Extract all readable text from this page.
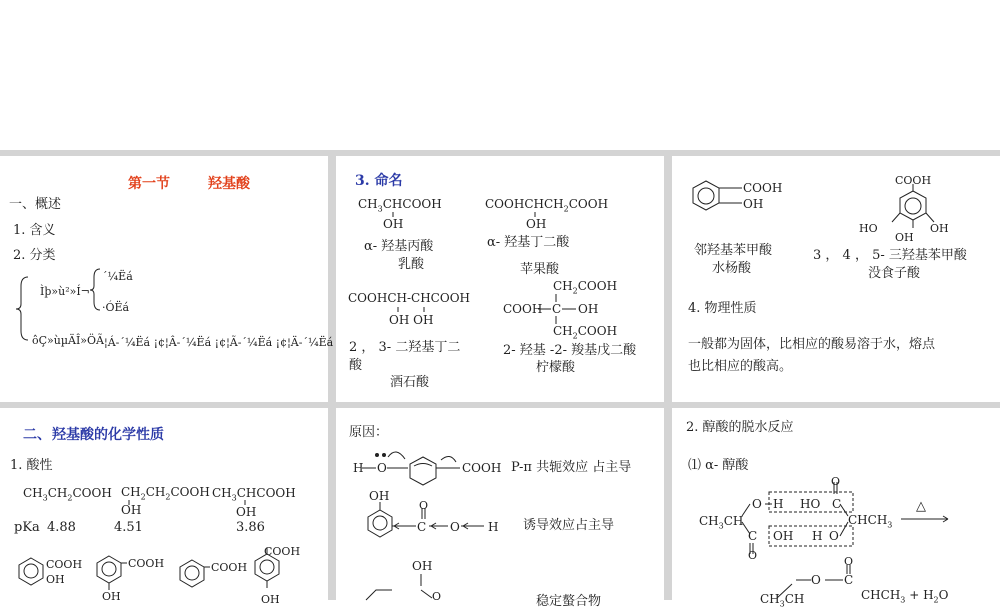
第一节	羟基酸
一、概述
1. 含义
2. 分类
Ìþ»ù²»Í¬
´¼Ëá
·ÓËá
ôÇ»ùµÄÎ»ÖÃ ¦Á-´¼Ëá ¡¢¦Â-´¼Ëá ¡¢¦Ã-´¼Ëá ¡¢¦Ä-´¼Ëá
3. 命名
$CH_3CHCOOH$
OH
α- 羟基丙酸
乳酸
$COOHCHCH_2COOH$
OH
α- 羟基丁二酸
苹果酸
COOHCH-CHCOOH
OH OH
2 ， 3- 二羟基丁二
酸
酒石酸
$CH_2COOH$
COOH C OH
$CH_2COOH$
2- 羟基 -2- 羧基戊二酸
柠檬酸
COOH
OH
邻羟基苯甲酸
水杨酸
COOH
HO	OH
OH
3 ， 4 ， 5- 三羟基苯甲酸
没食子酸
4. 物理性质
一般都为固体，比相应的酸易溶于水，熔点
也比相应的酸高。
二、 羟基酸的化学性质
1. 酸性
$CH_3CH_2COOH$ $CH_2CH_2COOH$
OH
$CH_3CHCOOH$
OH
pKa 4.88	4.51	3.86
COOH
OH
COOH
OH
COOH
COOH
OH
原因：
H O	COOH P-π 共轭效应 占主导
OH
O
C O H 诱导效应占主导
OH
O	稳定螯合物
2. 醇酸的脱水反应
⑴ α- 醇酸
O
$CH_3CH$
O H HO C
$CHCH_3$
C OH H O
O
△
O
O C
$CH_3CH$	$CHCH_3 + H_2O$
